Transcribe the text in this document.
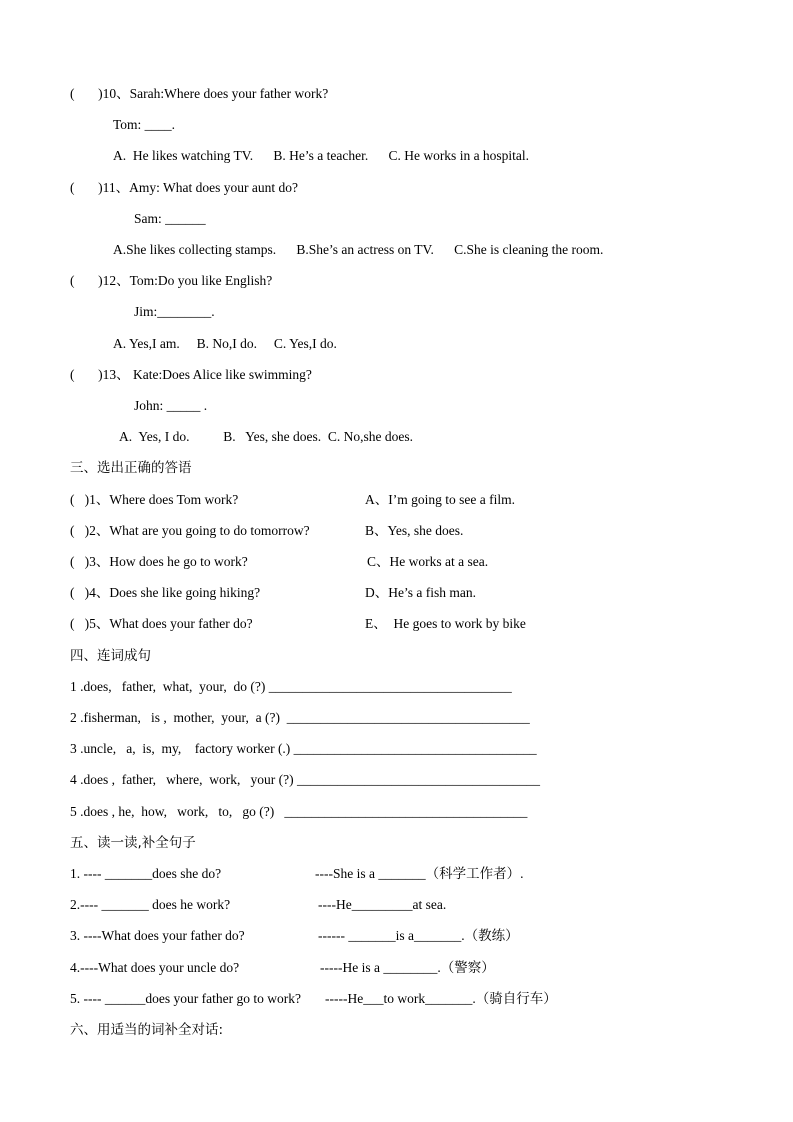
(       )10、Sarah:Where does your father work?
Tom: ____.
A.  He likes watching TV.      B. He’s a teacher.      C. He works in a hospital.
(       )11、Amy: What does your aunt do?
Sam: ______
A.She likes collecting stamps.      B.She’s an actress on TV.      C.She is cleaning the room.
(       )12、Tom:Do you like English?
Jim:________.
A. Yes,I am.     B. No,I do.     C. Yes,I do.
(       )13、 Kate:Does Alice like swimming?
John: _____ .
A.  Yes, I do.          B.   Yes, she does.  C. No,she does.
三、选出正确的答语
(   )1、Where does Tom work?	A、I’m going to see a film.
(   )2、What are you going to do tomorrow?	B、Yes, she does.
(   )3、How does he go to work?	C、He works at a sea.
(   )4、Does she like going hiking?	D、He’s a fish man.
(   )5、What does your father do?	E、  He goes to work by bike
四、连词成句
1 .does,   father,  what,  your,  do (?) ____________________________________
2 .fisherman,   is ,  mother,  your,  a (?)  ____________________________________
3 .uncle,   a,  is,  my,    factory worker (.) ____________________________________
4 .does ,  father,   where,  work,   your (?) ____________________________________
5 .does , he,  how,   work,   to,   go (?)   ____________________________________
五、读一读,补全句子
1. ---- _______does she do?	----She is a _______（科学工作者）.
2.---- _______ does he work?	----He_________at sea.
3. ----What does your father do?	------ _______is a_______.（教练）
4.----What does your uncle do?	-----He is a ________.（警察）
5. ---- ______does your father go to work? -----He___to work_______.（骑自行车）
六、用适当的词补全对话:
